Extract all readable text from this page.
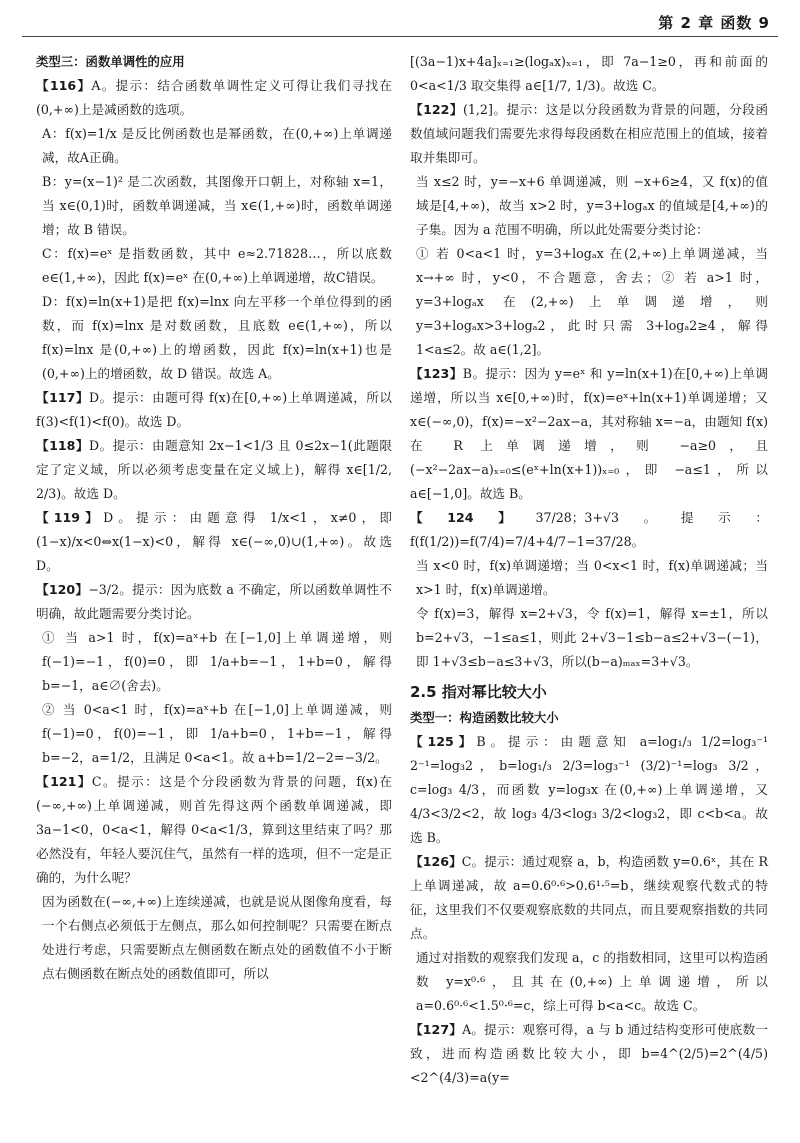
第 2 章 函数 9

类型三：函数单调性的应用

【116】A。提示：结合函数单调性定义可得让我们寻找在(0,+∞)上是减函数的选项。

A：f(x)=1/x 是反比例函数也是幂函数，在(0,+∞)上单调递减，故A正确。

B：y=(x−1)² 是二次函数，其图像开口朝上，对称轴 x=1，当 x∈(0,1)时，函数单调递减，当 x∈(1,+∞)时，函数单调递增；故 B 错误。

C：f(x)=eˣ 是指数函数，其中 e≈2.71828…，所以底数 e∈(1,+∞)，因此 f(x)=eˣ 在(0,+∞)上单调递增，故C错误。

D：f(x)=ln(x+1)是把 f(x)=lnx 向左平移一个单位得到的函数，而 f(x)=lnx 是对数函数，且底数 e∈(1,+∞)，所以 f(x)=lnx 是(0,+∞)上的增函数，因此 f(x)=ln(x+1)也是(0,+∞)上的增函数，故 D 错误。故选 A。

【117】D。提示：由题可得 f(x)在[0,+∞)上单调递减，所以 f(3)<f(1)<f(0)。故选 D。

【118】D。提示：由题意知 2x−1<1/3 且 0≤2x−1(此题限定了定义域，所以必须考虑变量在定义域上)，解得 x∈[1/2, 2/3)。故选 D。

【119】D。提示：由题意得 1/x<1，x≠0，即 (1−x)/x<0⇔x(1−x)<0，解得 x∈(−∞,0)∪(1,+∞)。故选 D。

【120】−3/2。提示：因为底数 a 不确定，所以函数单调性不明确，故此题需要分类讨论。

① 当 a>1 时，f(x)=aˣ+b 在[−1,0]上单调递增，则 f(−1)=−1，f(0)=0，即 1/a+b=−1，1+b=0，解得 b=−1，a∈∅(舍去)。

② 当 0<a<1 时，f(x)=aˣ+b 在[−1,0]上单调递减，则 f(−1)=0，f(0)=−1，即 1/a+b=0，1+b=−1，解得 b=−2，a=1/2，且满足 0<a<1。故 a+b=1/2−2=−3/2。

【121】C。提示：这是个分段函数为背景的问题，f(x)在(−∞,+∞)上单调递减，则首先得这两个函数单调递减，即 3a−1<0，0<a<1，解得 0<a<1/3，算到这里结束了吗？那必然没有，年轻人要沉住气，虽然有一样的选项，但不一定是正确的，为什么呢？

因为函数在(−∞,+∞)上连续递减，也就是说从图像角度看，每一个右侧点必须低于左侧点，那么如何控制呢？只需要在断点处进行考虑，只需要断点左侧函数在断点处的函数值不小于断点右侧函数在断点处的函数值即可，所以

[(3a−1)x+4a]ₓ₌₁≥(logₐx)ₓ₌₁，即 7a−1≥0，再和前面的 0<a<1/3 取交集得 a∈[1/7, 1/3)。故选 C。

【122】(1,2]。提示：这是以分段函数为背景的问题，分段函数值域问题我们需要先求得每段函数在相应范围上的值域，接着取并集即可。

当 x≤2 时，y=−x+6 单调递减，则 −x+6≥4，又 f(x)的值域是[4,+∞)，故当 x>2 时，y=3+logₐx 的值域是[4,+∞)的子集。因为 a 范围不明确，所以此处需要分类讨论：

① 若 0<a<1 时，y=3+logₐx 在(2,+∞)上单调递减，当 x→+∞ 时，y<0，不合题意，舍去；② 若 a>1 时，y=3+logₐx 在(2,+∞)上单调递增，则 y=3+logₐx>3+logₐ2，此时只需 3+logₐ2≥4，解得 1<a≤2。故 a∈(1,2]。

【123】B。提示：因为 y=eˣ 和 y=ln(x+1)在[0,+∞)上单调递增，所以当 x∈[0,+∞)时，f(x)=eˣ+ln(x+1)单调递增；又 x∈(−∞,0)，f(x)=−x²−2ax−a，其对称轴 x=−a，由题知 f(x)在 R 上单调递增，则 −a≥0，且 (−x²−2ax−a)ₓ₌₀≤(eˣ+ln(x+1))ₓ₌₀，即 −a≤1，所以 a∈[−1,0]。故选 B。

【124】37/28；3+√3。提示：f(f(1/2))=f(7/4)=7/4+4/7−1=37/28。

当 x<0 时，f(x)单调递增；当 0<x<1 时，f(x)单调递减；当 x>1 时，f(x)单调递增。

令 f(x)=3，解得 x=2+√3，令 f(x)=1，解得 x=±1，所以 b=2+√3，−1≤a≤1，则此 2+√3−1≤b−a≤2+√3−(−1)，即 1+√3≤b−a≤3+√3，所以(b−a)ₘₐₓ=3+√3。

2.5 指对幂比较大小

类型一：构造函数比较大小

【125】B。提示：由题意知 a=log₁/₃ 1/2=log₃⁻¹ 2⁻¹=log₃2，b=log₁/₃ 2/3=log₃⁻¹ (3/2)⁻¹=log₃ 3/2，c=log₃ 4/3，而函数 y=log₃x 在(0,+∞)上单调递增，又 4/3<3/2<2，故 log₃ 4/3<log₃ 3/2<log₃2，即 c<b<a。故选 B。

【126】C。提示：通过观察 a，b，构造函数 y=0.6ˣ，其在 R 上单调递减，故 a=0.6⁰·⁶>0.6¹·⁵=b，继续观察代数式的特征，这里我们不仅要观察底数的共同点，而且要观察指数的共同点。

通过对指数的观察我们发现 a，c 的指数相同，这里可以构造函数 y=x⁰·⁶，且其在(0,+∞)上单调递增，所以 a=0.6⁰·⁶<1.5⁰·⁶=c，综上可得 b<a<c。故选 C。

【127】A。提示：观察可得，a 与 b 通过结构变形可使底数一致，进而构造函数比较大小，即 b=4^(2/5)=2^(4/5)<2^(4/3)=a(y=
